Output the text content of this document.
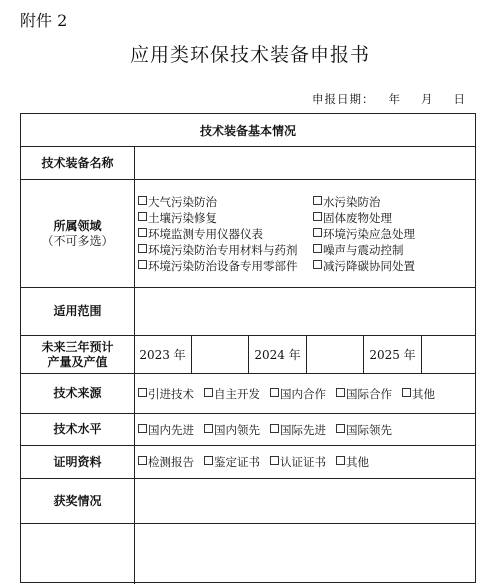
附件 2
应用类环保技术装备申报书
申报日期： 年 月 日
技术装备基本情况
技术装备名称
所属领域
（不可多选）
大气污染防治	水污染防治
土壤污染修复	固体废物处理
环境监测专用仪器仪表	环境污染应急处理
环境污染防治专用材料与药剂	噪声与震动控制
环境污染防治设备专用零部件	减污降碳协同处置
适用范围
未来三年预计
产量及产值	2023 年	2024 年	2025 年
技术来源	引进技术	自主开发	国内合作	国际合作	其他
技术水平	国内先进	国内领先	国际先进	国际领先
证明资料	检测报告	鉴定证书	认证证书	其他
获奖情况
